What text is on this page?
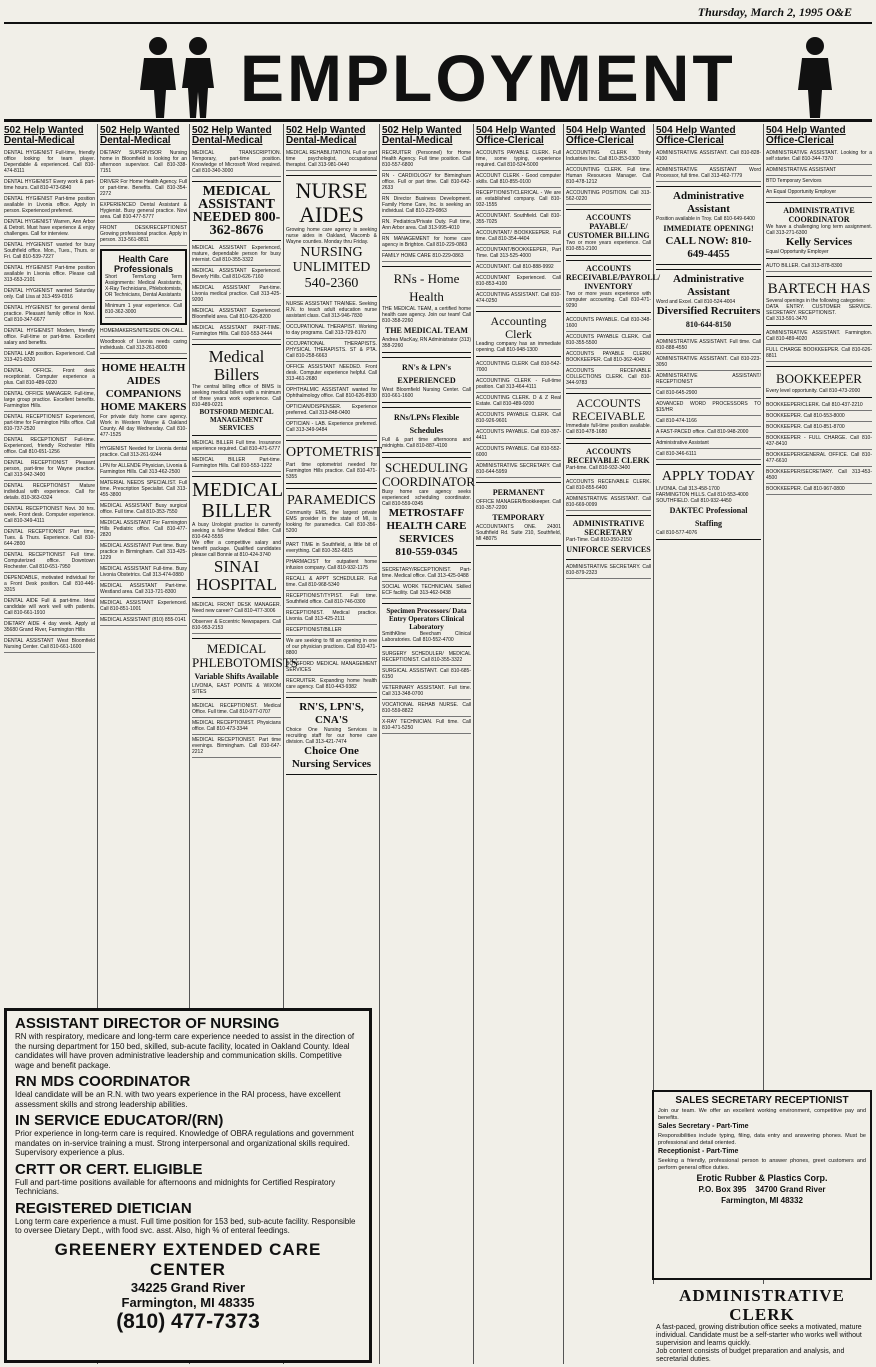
Thursday, March 2, 1995 O&E
EMPLOYMENT
502 Help Wanted Dental-Medical
DENTAL HYGIENIST Full-time, friendly office looking for team player. Dependable & experienced. Call 810-474-8111
DENTAL HYGIENIST Every work & part-time hours. Call 810-473-6840
DENTAL HYGIENIST Part-time position available in Livonia office. Apply in person. Experienced preferred.
DENTAL HYGIENIST Warren, Ann Arbor & Detroit. Must have experience & enjoy challenges. Call for interview.
DENTAL HYGIENIST wanted for busy Southfield office. Mon., Tues., Thurs. or Fri. Call 810-539-7227
DENTAL HYGIENIST Part-time position available in Livonia office. Please call 313-653-2101
DENTAL HYGIENIST wanted Saturday only. Call Lisa at 313-459-0316
DENTAL HYGIENIST for general dental practice. Pleasant family office in Novi. Call 810-347-6677
DENTAL HYGIENIST Modern, friendly office. Full-time or part-time. Excellent salary and benefits.
DENTAL LAB position. Experienced. Call 313-421-8320
DENTAL OFFICE. Front desk receptionist. Computer experience a plus. Call 810-489-0220
DENTAL OFFICE MANAGER. Full-time, large group practice. Excellent benefits. Farmington Hills.
DENTAL RECEPTIONIST Experienced, part-time for Farmington Hills office. Call 810-737-2520
DENTAL RECEPTIONIST Full-time. Experienced, friendly Rochester Hills office. Call 810-651-1256
DENTAL RECEPTIONIST Pleasant person, part-time for Wayne practice. Call 313-942-3400
DENTAL RECEPTIONIST Mature individual with experience. Call for details. 810-363-0324
DENTAL RECEPTIONIST Novi. 30 hrs. week. Front desk. Computer experience. Call 810-349-4111
DENTAL RECEPTIONIST Part time, Tues. & Thurs. Experience. Call 810-644-2800
DENTAL RECEPTIONIST Full time. Computerized office. Downtown Rochester. Call 810-651-7950
DEPENDABLE, motivated individual for a Front Desk position. Call 810-446-3315
DENTAL AIDE Full & part-time. Ideal candidate will work well with patients. Call 810-661-1910
DIETARY AIDE 4 day week. Apply at 35680 Grand River, Farmington Hills
DENTAL ASSISTANT West Bloomfield Nursing Center. Call 810-661-1600
502 Help Wanted Dental-Medical
DIETARY SUPERVISOR Nursing home in Bloomfield is looking for an afternoon supervisor. Call 810-338-7151
DRIVER For Home Health Agency. Full or part-time. Benefits. Call 810-354-2272
EXPERIENCED Dental Assistant & Hygienist. Busy general practice. Novi area. Call 810-477-5777
FRONT DESK/RECEPTIONIST Growing professional practice. Apply in person. 313-561-8811
Health Care Professionals
Short Term/Long Term Assignments: Medical Assistants, X-Ray Technicians, Phlebotomists, OR Technicians, Dental Assistants
Minimum 1 year experience. Call 810-362-3000
HOMEMAKERS/NITESIDE ON-CALL
Woodbrook of Livonia needs caring individuals. Call 313-261-8000
HOME HEALTH AIDES
COMPANIONS
HOME MAKERS
For private duty home care agency. Work in Western Wayne & Oakland County. All day Wednesday. Call 810-477-1525
HYGIENIST Needed for Livonia dental practice. Call 313-261-9244
LPN for ALLENDE Physician, Livonia & Farmington Hills. Call 313-462-2500
MATERIAL NEEDS SPECIALIST. Full time. Prescription Specialist. Call 313-455-3800
MEDICAL ASSISTANT Busy surgical office. Full time. Call 810-353-7550
MEDICAL ASSISTANT For Farmington Hills Pediatric office. Call 810-477-2820
MEDICAL ASSISTANT Part time. Busy practice in Birmingham. Call 313-425-1229
MEDICAL ASSISTANT Full-time. Busy Livonia Obstetrics. Call 313-474-0880
MEDICAL ASSISTANT Part-time. Westland area. Call 313-721-8300
MEDICAL ASSISTANT Experienced. Call 810-851-1001
MEDICAL ASSISTANT (810) 855-0141
502 Help Wanted Dental-Medical
MEDICAL TRANSCRIPTION. Temporary, part-time position. Knowledge of Microsoft Word required. Call 810-340-3000
MEDICAL ASSISTANT NEEDED 800-362-8676
MEDICAL ASSISTANT Experienced, mature, dependable person for busy internist. Call 810-355-3322
MEDICAL ASSISTANT Experienced. Beverly Hills. Call 810-626-7160
MEDICAL ASSISTANT Part-time. Livonia medical practice. Call 313-425-9200
MEDICAL ASSISTANT Experienced. Bloomfield area. Call 810-626-8200
MEDICAL ASSISTANT PART-TIME. Farmington Hills. Call 810-553-3444
Medical Billers
The central billing office of BIMS is seeking medical billers with a minimum of three years work experience. Call 810-489-0221
BOTSFORD MEDICAL MANAGEMENT SERVICES
MEDICAL BILLER Full time. Insurance experience required. Call 810-471-6777
MEDICAL BILLER Part-time. Farmington Hills. Call 810-553-1222
MEDICAL BILLER
A busy Urologist practice is currently seeking a full-time Medical Biller. Call 810-642-5555
We offer a competitive salary and benefit package. Qualified candidates please call Bonnie at 810-424-3740
SINAI HOSPITAL
MEDICAL FRONT DESK MANAGER. Need new career? Call 810-477-3006
Observer & Eccentric Newspapers. Call 810-953-2153
MEDICAL PHLEBOTOMISTS
Variable Shifts Available
LIVONIA, EAST POINTE & WIXOM SITES
MEDICAL RECEPTIONIST. Medical Office. Full time. Call 810-977-0707
MEDICAL RECEPTIONIST. Physicians office. Call 810-473-3344
MEDICAL RECEPTIONIST. Part time evenings. Birmingham. Call 810-647-2212
502 Help Wanted Dental-Medical
MEDICAL REHABILITATION. Full or part time psychologist, occupational therapist. Call 313-981-0440
NURSE AIDES
Growing home care agency is seeking nurse aides in Oakland, Macomb & Wayne counties. Monday thru Friday.
NURSING UNLIMITED
540-2360
NURSE ASSISTANT TRAINEE. Seeking R.N. to teach adult education nurse assistant class. Call 313-946-7830
OCCUPATIONAL THERAPIST. Working to day programs. Call 313-729-8170
OCCUPATIONAL THERAPISTS. PHYSICAL THERAPISTS. ST & PTA. Call 810-258-6663
OFFICE ASSISTANT NEEDED. Front desk. Computer experience helpful. Call 313-461-2680
OPHTHALMIC ASSISTANT wanted for Ophthalmology office. Call 810-626-8930
OPTICIAN/DISPENSER. Experience preferred. Call 313-848-0400
OPTICIAN - LAB. Experience preferred. Call 313-349-9484
OPTOMETRIST
Part time optometrist needed for Farmington Hills practice. Call 810-471-5355
PARAMEDICS
Community EMS, the largest private EMS provider in the state of MI, is looking for paramedics. Call 810-356-5200
PART TIME in Southfield, a little bit of everything. Call 810-352-6815
PHARMACIST for outpatient home infusion company. Call 810-932-1175
RECALL & APPT SCHEDULER. Full time. Call 810-968-5340
RECEPTIONIST/TYPIST. Full time. Southfield office. Call 810-746-0300
RECEPTIONIST. Medical practice. Livonia. Call 313-425-2111
RECEPTIONIST/BILLER
We are seeking to fill an opening in one of our physician practices. Call 810-471-8800
BOTSFORD MEDICAL MANAGEMENT SERVICES
RECRUITER. Expanding home health care agency. Call 810-443-9382
RN'S, LPN'S, CNA'S
Choice One Nursing Services is recruiting staff for our home care division. Call 313-421-7474
Choice One Nursing Services
502 Help Wanted Dental-Medical
RECRUITER (Personnel) for Home Health Agency. Full time position. Call 810-557-6800
RN - CARDIOLOGY for Birmingham office. Full or part time. Call 810-642-2633
RN Director Business Development. Family Home Care, Inc. is seeking an individual. Call 810-229-0863
RN. Pediatrics/Private Duty. Full time, Ann Arbor area. Call 313-995-4010
RN MANAGEMENT for home care agency in Brighton. Call 810-229-0863
FAMILY HOME CARE 810-229-0863
RNs - Home Health
THE MEDICAL TEAM, a certified home health care agency. Join our team! Call 810-358-2260
THE MEDICAL TEAM
Andrea MacKay, RN Administrator (313) 358-2260
RN's & LPN's EXPERIENCED
West Bloomfield Nursing Center. Call 810-661-1600
RNs/LPNs Flexible Schedules
Full & part time afternoons and midnights. Call 810-887-4100
SCHEDULING COORDINATOR
Busy home care agency seeks experienced scheduling coordinator. Call 810-559-0345
METROSTAFF HEALTH CARE SERVICES
810-559-0345
SECRETARY/RECEPTIONIST. Part-time. Medical office. Call 313-425-0488
SOCIAL WORK TECHNICIAN. Skilled ECF facility. Call 313-462-0438
Specimen Processors/ Data Entry Operators Clinical Laboratory
SmithKline Beecham Clinical Laboratories. Call 810-552-4700
SURGERY SCHEDULER/ MEDICAL RECEPTIONIST. Call 810-355-3322
SURGICAL ASSISTANT. Call 810-685-6150
VETERINARY ASSISTANT. Full time. Call 313-348-0700
VOCATIONAL REHAB NURSE. Call 810-559-8822
X-RAY TECHNICIAN. Full time. Call 810-471-5250
504 Help Wanted Office-Clerical
ACCOUNTS PAYABLE CLERK. Full time, some typing, experience required. Call 810-524-5000
ACCOUNT CLERK - Good computer skills. Call 810-855-0100
RECEPTIONIST/CLERICAL - We are an established company. Call 810-932-1555
ACCOUNTANT. Southfield. Call 810-355-7025
ACCOUNTANT/ BOOKKEEPER. Full time. Call 810-354-4404
ACCOUNTANT/BOOKKEEPER, Part Time. Call 313-525-4000
ACCOUNTANT. Call 810-888-9992
ACCOUNTANT Experienced. Call 810-853-4100
ACCOUNTING ASSISTANT. Call 810-474-0250
Accounting Clerk
Leading company has an immediate opening. Call 810-948-1300
ACCOUNTING CLERK Call 810-542-7000
ACCOUNTING CLERK - Full-time position. Call 313-464-4111
ACCOUNTING CLERK. D & Z Real Estate. Call 810-489-9200
ACCOUNTS PAYABLE CLERK. Call 810-926-9601
ACCOUNTS PAYABLE. Call 810-357-4411
ACCOUNTS PAYABLE. Call 810-552-6000
ADMINISTRATIVE SECRETARY. Call 810-644-5959
PERMANENT
OFFICE MANAGER/Bookkeeper. Call 810-357-2200
TEMPORARY
ACCOUNTANTS ONE. 24301 Southfield Rd. Suite 210, Southfield, MI 48075
504 Help Wanted Office-Clerical
ACCOUNTING CLERK Trinity Industries Inc. Call 810-353-0300
ACCOUNTING CLERK. Full time. Human Resources Manager. Call 810-478-1212
ACCOUNTING POSITION. Call 313-562-0220
ACCOUNTS PAYABLE/ CUSTOMER BILLING
Two or more years experience. Call 810-851-2100
ACCOUNTS RECEIVABLE/PAYROLL/ INVENTORY
Two or more years experience with computer accounting. Call 810-471-9290
ACCOUNTS PAYABLE. Call 810-348-1600
ACCOUNTS PAYABLE CLERK. Call 810-355-5500
ACCOUNTS PAYABLE CLERK/ BOOKKEEPER. Call 810-362-4040
ACCOUNTS RECEIVABLE COLLECTIONS CLERK. Call 810-344-9783
ACCOUNTS RECEIVABLE
Immediate full-time position available. Call 810-478-1680
ACCOUNTS RECEIVABLE CLERK
Part-time. Call 810-932-3400
ACCOUNTS RECEIVABLE CLERK. Call 810-855-6400
ADMINISTRATIVE ASSISTANT. Call 810-669-0099
ADMINISTRATIVE SECRETARY
Part-Time. Call 810-350-2150
UNIFORCE SERVICES
ADMINISTRATIVE SECRETARY. Call 810-879-2323
504 Help Wanted Office-Clerical
ADMINISTRATIVE ASSISTANT. Call 810-828-4100
ADMINISTRATIVE ASSISTANT Word Processor, full time. Call 313-462-7779
Administrative Assistant
Position available in Troy. Call 810-649-6400
IMMEDIATE OPENING!
CALL NOW: 810-649-4455
Administrative Assistant
Word and Excel. Call 810-524-4004
Diversified Recruiters
810-644-8150
ADMINISTRATIVE ASSISTANT. Full time. Call 810-888-4550
ADMINISTRATIVE ASSISTANT. Call 810-223-3050
ADMINISTRATIVE ASSISTANT/ RECEPTIONIST
Call 810-645-2900
ADVANCED WORD PROCESSORS TO $15/HR
Call 810-474-1166
A FAST-PACED office. Call 810-948-2000
Administrative Assistant
Call 810-346-6111
APPLY TODAY
LIVONIA. Call 313-458-1700
FARMINGTON HILLS. Call 810-553-4000
SOUTHFIELD. Call 810-932-4450
DAKTEC Professional Staffing
Call 810-577-4076
504 Help Wanted Office-Clerical
ADMINISTRATIVE ASSISTANT. Looking for a self starter. Call 810-344-7370
ADMINISTRATIVE ASSISTANT
BTD Temporary Services
An Equal Opportunity Employer
ADMINISTRATIVE COORDINATOR
We have a challenging long term assignment. Call 313-271-6300
Kelly Services
Equal Opportunity Employer
AUTO BILLER. Call 313-878-8300
BARTECH HAS
Several openings in the following categories:
DATA ENTRY. CUSTOMER SERVICE. SECRETARY. RECEPTIONIST.
Call 313-591-3470
ADMINISTRATIVE ASSISTANT. Farmington. Call 810-489-4020
FULL CHARGE BOOKKEEPER. Call 810-626-8811
BOOKKEEPER
Every level opportunity. Call 810-473-2000
BOOKKEEPER/CLERK. Call 810-437-2210
BOOKKEEPER. Call 810-553-8000
BOOKKEEPER. Call 810-851-8700
BOOKKEEPER - FULL CHARGE. Call 810-437-8410
BOOKKEEPER/GENERAL OFFICE. Call 810-477-6610
BOOKKEEPER/SECRETARY. Call 313-453-4500
BOOKKEEPER. Call 810-967-0800
ASSISTANT DIRECTOR OF NURSING
RN with respiratory, medicare and long-term care experience needed to assist in the direction of the nursing department for 150 bed, skilled, sub-acute facility, located in Oakland County. Ideal candidates will have proven administrative leadership and communication skills. Competitive wage and benefit package.
RN MDS COORDINATOR
Ideal candidate will be an R.N. with two years experience in the RAI process, have excellent assessment skills and strong leadership abilities.
IN SERVICE EDUCATOR/(RN)
Prior experience in long-term care is required. Knowledge of OBRA regulations and government mandates on in-service training a must. Strong interpersonal and organizational skills required. Supervisory experience a plus.
CRTT OR CERT. ELIGIBLE
Full and part-time positions available for afternoons and midnights for Certified Respiratory Technicians.
REGISTERED DIETICIAN
Long term care experience a must. Full time position for 153 bed, sub-acute facility. Responsible to oversee Dietary Dept., with food svc. asst. Also, high % of enteral feedings.
GREENERY EXTENDED CARE CENTER
34225 Grand River
Farmington, MI 48335
(810) 477-7373
SALES SECRETARY RECEPTIONIST
Join our team. We offer an excellent working environment, competitive pay and benefits.
Sales Secretary - Part-Time
Responsibilities include typing, filing, data entry and answering phones. Must be professional and detail oriented.
Receptionist - Part-Time
Seeking a friendly, professional person to answer phones, greet customers and perform general office duties.
Erotic Rubber & Plastics Corp.
P.O. Box 395 34700 Grand River
Farmington, MI 48332
ADMINISTRATIVE CLERK
A fast-paced, growing distribution office seeks a motivated, mature individual. Candidate must be a self-starter who works well without supervision and learns quickly.
Job content consists of budget preparation and analysis, and secretarial duties.
